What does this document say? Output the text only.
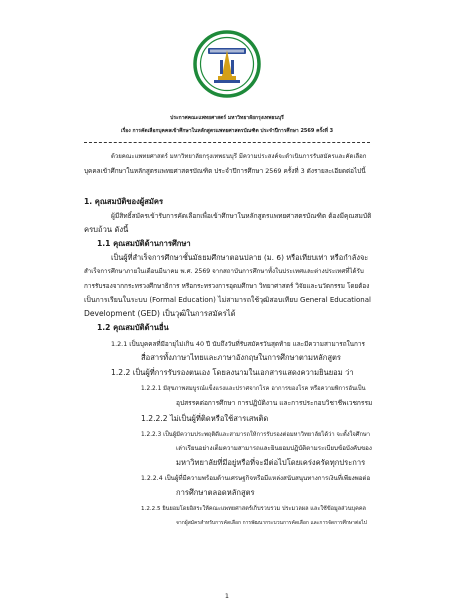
ประกาศคณะแพทยศาสตร์ มหาวิทยาลัยกรุงเทพธนบุรี
เรื่อง การคัดเลือกบุคคลเข้าศึกษาในหลักสูตรแพทยศาสตรบัณฑิต ประจำปีการศึกษา 2569 ครั้งที่ 3
ด้วยคณะแพทยศาสตร์ มหาวิทยาลัยกรุงเทพธนบุรี มีความประสงค์จะดำเนินการรับสมัครและคัดเลือก
บุคคลเข้าศึกษาในหลักสูตรแพทยศาสตรบัณฑิต ประจำปีการศึกษา 2569 ครั้งที่ 3 ดังรายละเอียดต่อไปนี้
1. คุณสมบัติของผู้สมัคร
ผู้มีสิทธิ์สมัครเข้ารับการคัดเลือกเพื่อเข้าศึกษาในหลักสูตรแพทยศาสตรบัณฑิต ต้องมีคุณสมบัติ
ครบถ้วน ดังนี้
1.1 คุณสมบัติด้านการศึกษา
เป็นผู้ที่สำเร็จการศึกษาชั้นมัธยมศึกษาตอนปลาย (ม. 6) หรือเทียบเท่า หรือกำลังจะ
สำเร็จการศึกษาภายในเดือนมีนาคม พ.ศ. 2569 จากสถาบันการศึกษาทั้งในประเทศและต่างประเทศที่ได้รับ
การรับรองจากกระทรวงศึกษาธิการ หรือกระทรวงการอุดมศึกษา วิทยาศาสตร์ วิจัยและนวัตกรรม โดยต้อง
เป็นการเรียนในระบบ (Formal Education) ไม่สามารถใช้วุฒิสอบเทียบ General Educational
Development (GED) เป็นวุฒิในการสมัครได้
1.2 คุณสมบัติด้านอื่น
1.2.1 เป็นบุคคลที่มีอายุไม่เกิน 40 ปี นับถึงวันที่รับสมัครวันสุดท้าย และมีความสามารถในการ
สื่อสารทั้งภาษาไทยและภาษาอังกฤษในการศึกษาตามหลักสูตร
1.2.2 เป็นผู้ที่การรับรองตนเอง โดยลงนามในเอกสารแสดงความยินยอม ว่า
1.2.2.1 มีสุขภาพสมบูรณ์แข็งแรงและปราศจากโรค อาการของโรค หรือความพิการอันเป็น
อุปสรรคต่อการศึกษา การปฏิบัติงาน และการประกอบวิชาชีพเวชกรรม
1.2.2.2 ไม่เป็นผู้ที่ติดหรือใช้สารเสพติด
1.2.2.3 เป็นผู้มีความประพฤติดีและสามารถให้การรับรองต่อมหาวิทยาลัยได้ว่า จะตั้งใจศึกษา
เล่าเรียนอย่างเต็มความสามารถและยินยอมปฏิบัติตามระเบียบข้อบังคับของ
มหาวิทยาลัยที่มีอยู่หรือที่จะมีต่อไปโดยเคร่งครัดทุกประการ
1.2.2.4 เป็นผู้ที่มีความพร้อมด้านเศรษฐกิจหรือมีแหล่งสนับสนุนทางการเงินที่เพียงพอต่อ
การศึกษาตลอดหลักสูตร
1.2.2.5 ยินยอมโดยอิสระให้คณะแพทยศาสตร์เก็บรวบรวม ประมวลผล และใช้ข้อมูลส่วนบุคคล
จากผู้สมัครสำหรับการคัดเลือก การพัฒนากระบวนการคัดเลือก และการจัดการศึกษาต่อไป
1
